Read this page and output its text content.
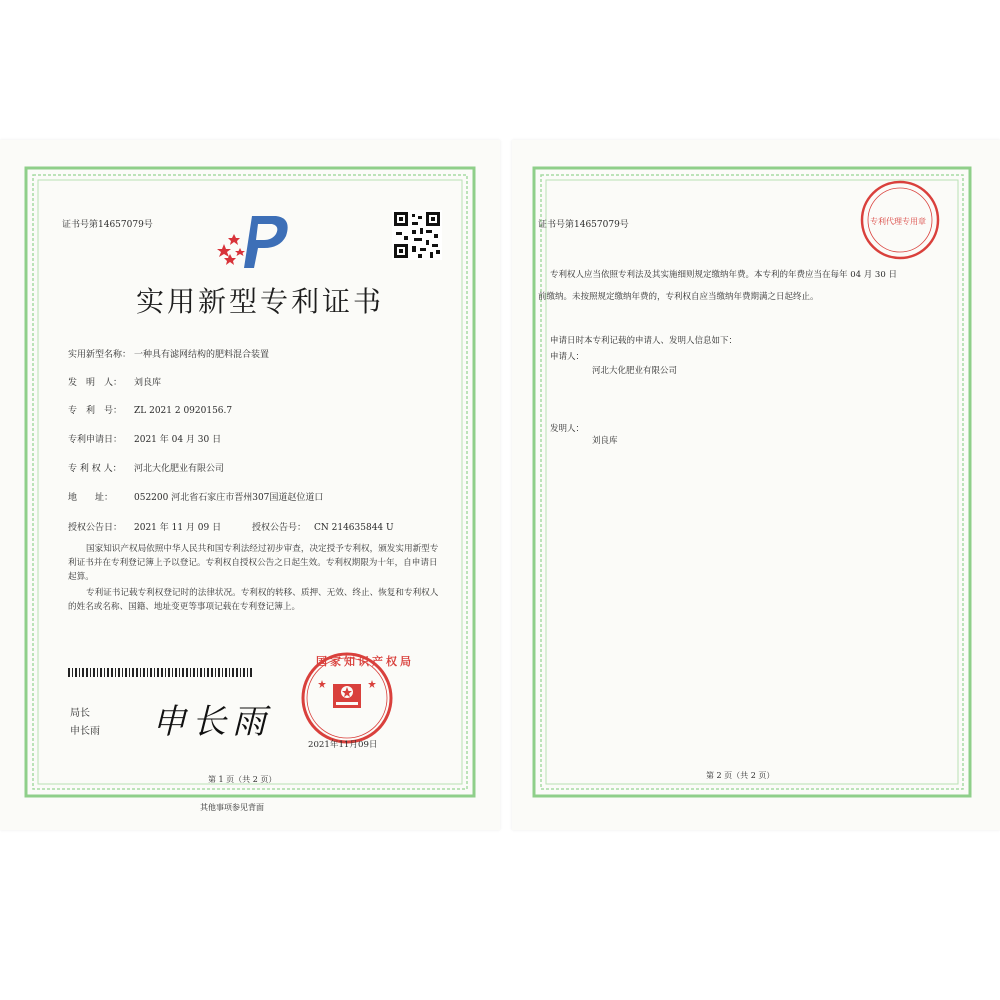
证书号第14657079号
实用新型专利证书
实用新型名称： 一种具有滤网结构的肥料混合装置
发　明　人： 刘良库
专　利　号： ZL 2021 2 0920156.7
专利申请日： 2021 年 04 月 30 日
专 利 权 人： 河北大化肥业有限公司
地　　址： 052200 河北省石家庄市晋州307国道赵位道口
授权公告日： 2021 年 11 月 09 日	授权公告号： CN 214635844 U
国家知识产权局依照中华人民共和国专利法经过初步审查，决定授予专利权，颁发实用新型专利证书并在专利登记簿上予以登记。专利权自授权公告之日起生效。专利权期限为十年，自申请日起算。
专利证书记载专利权登记时的法律状况。专利权的转移、质押、无效、终止、恢复和专利权人的姓名或名称、国籍、地址变更等事项记载在专利登记簿上。
局长
申长雨 申长雨
国家知识产权局
2021年11月09日
第 1 页（共 2 页）
其他事项参见背面
证书号第14657079号	专利代理专用章
专利权人应当依照专利法及其实施细则规定缴纳年费。本专利的年费应当在每年 04 月 30 日
前缴纳。未按照规定缴纳年费的，专利权自应当缴纳年费期满之日起终止。
申请日时本专利记载的申请人、发明人信息如下：
申请人：
河北大化肥业有限公司
发明人：
刘良库
第 2 页（共 2 页）
